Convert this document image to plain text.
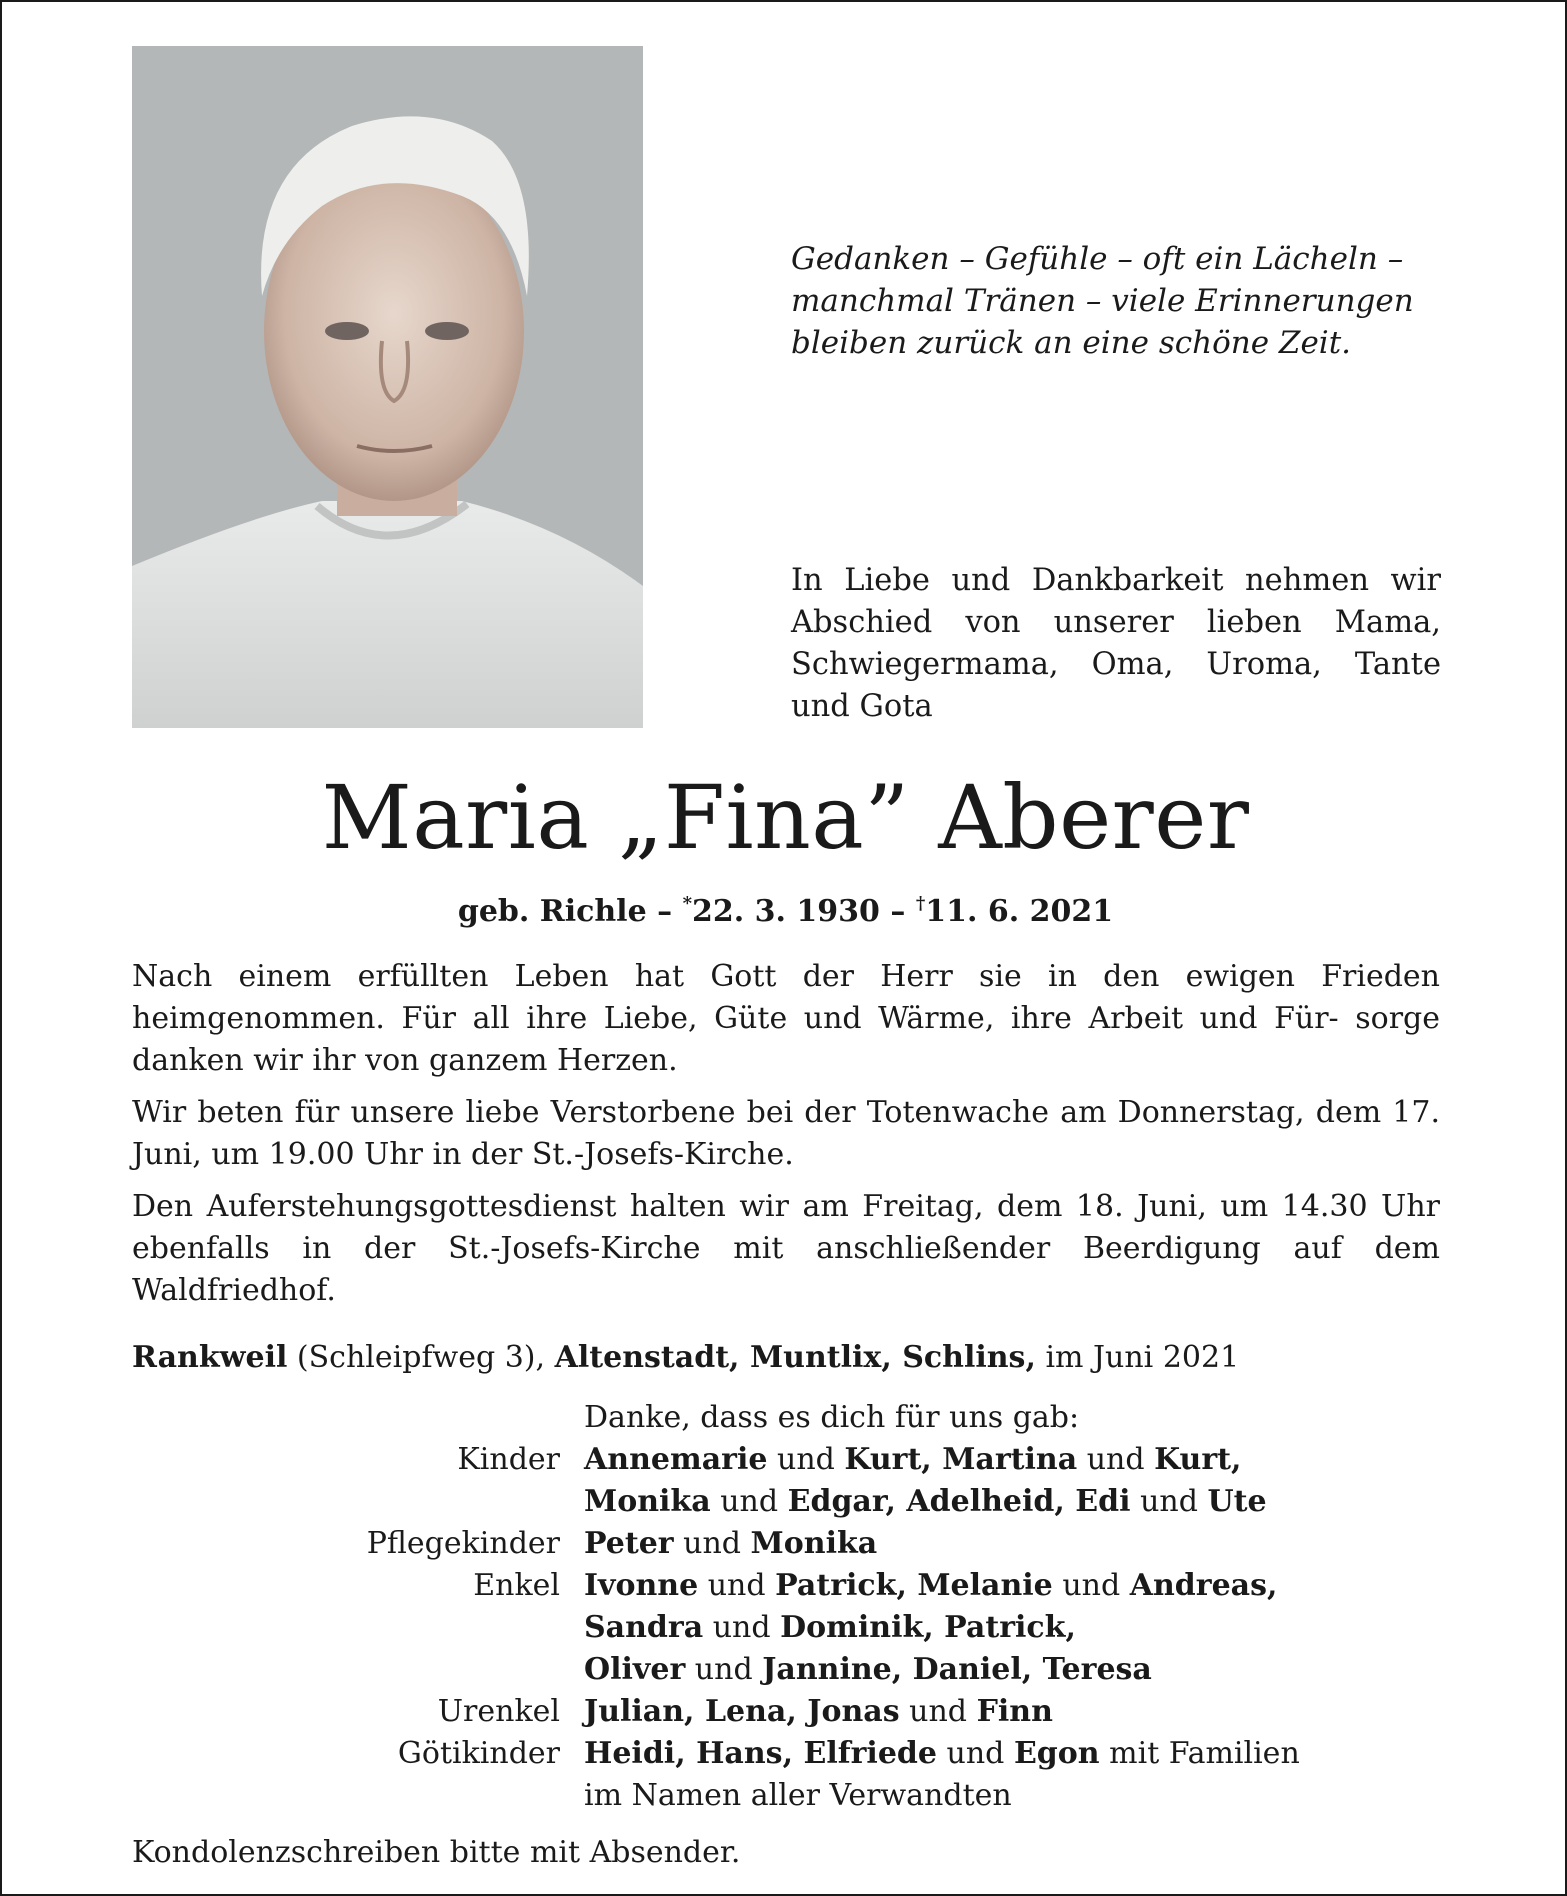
Gedanken – Gefühle – oft ein Lächeln –
manchmal Tränen – viele Erinnerungen
bleiben zurück an eine schöne Zeit.
In Liebe und Dankbarkeit nehmen wir
Abschied von unserer lieben Mama,
Schwiegermama, Oma, Uroma, Tante
und Gota
Maria „Fina” Aberer
geb. Richle – *22. 3. 1930 – †11. 6. 2021

Nach einem erfüllten Leben hat Gott der Herr sie in den ewigen Frieden heimgenommen. Für all ihre Liebe, Güte und Wärme, ihre Arbeit und Für- sorge danken wir ihr von ganzem Herzen.

Wir beten für unsere liebe Verstorbene bei der Totenwache am Donnerstag, dem 17. Juni, um 19.00 Uhr in der St.-Josefs-Kirche.

Den Auferstehungsgottesdienst halten wir am Freitag, dem 18. Juni, um 14.30 Uhr ebenfalls in der St.-Josefs-Kirche mit anschließender Beerdigung auf dem Waldfriedhof.

Rankweil (Schleipfweg 3), Altenstadt, Muntlix, Schlins, im Juni 2021
Danke, dass es dich für uns gab:
Kinder Annemarie und Kurt, Martina und Kurt,
Monika und Edgar, Adelheid, Edi und Ute
Pflegekinder Peter und Monika
Enkel Ivonne und Patrick, Melanie und Andreas,
Sandra und Dominik, Patrick,
Oliver und Jannine, Daniel, Teresa
Urenkel Julian, Lena, Jonas und Finn
Götikinder Heidi, Hans, Elfriede und Egon mit Familien
im Namen aller Verwandten
Kondolenzschreiben bitte mit Absender.
